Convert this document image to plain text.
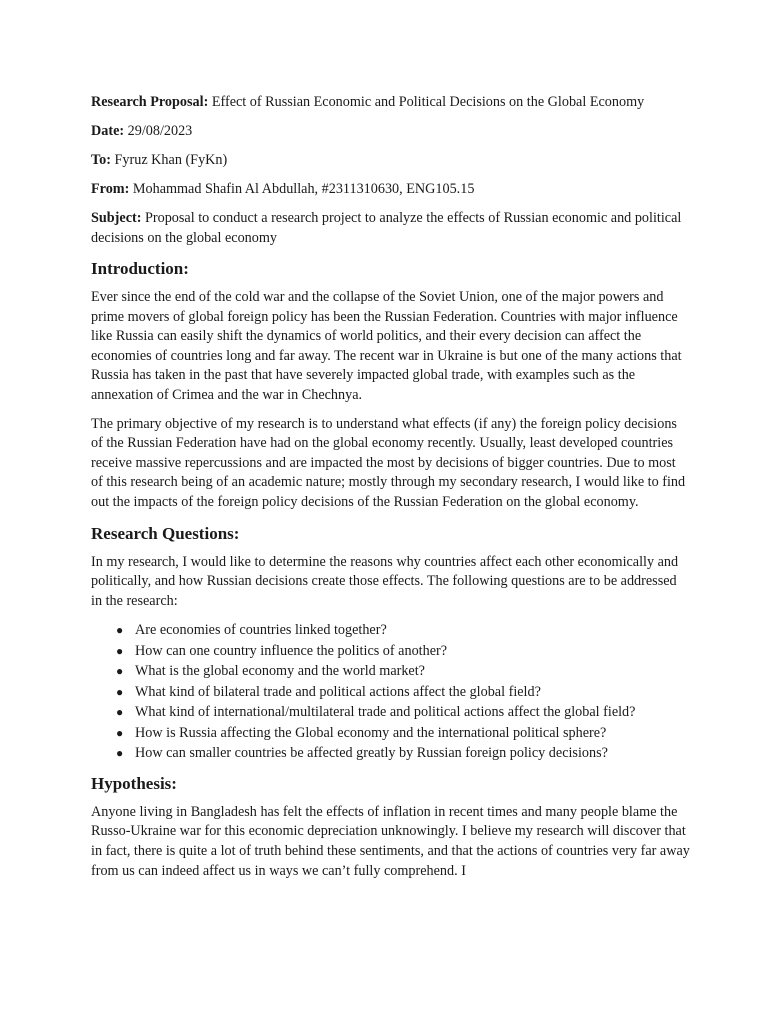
Research Proposal: Effect of Russian Economic and Political Decisions on the Global Economy
Date: 29/08/2023
To: Fyruz Khan (FyKn)
From: Mohammad Shafin Al Abdullah, #2311310630, ENG105.15
Subject: Proposal to conduct a research project to analyze the effects of Russian economic and political decisions on the global economy
Introduction:

Ever since the end of the cold war and the collapse of the Soviet Union, one of the major powers and prime movers of global foreign policy has been the Russian Federation. Countries with major influence like Russia can easily shift the dynamics of world politics, and their every decision can affect the economies of countries long and far away. The recent war in Ukraine is but one of the many actions that Russia has taken in the past that have severely impacted global trade, with examples such as the annexation of Crimea and the war in Chechnya.

The primary objective of my research is to understand what effects (if any) the foreign policy decisions of the Russian Federation have had on the global economy recently. Usually, least developed countries receive massive repercussions and are impacted the most by decisions of bigger countries. Due to most of this research being of an academic nature; mostly through my secondary research, I would like to find out the impacts of the foreign policy decisions of the Russian Federation on the global economy.

Research Questions:

In my research, I would like to determine the reasons why countries affect each other economically and politically, and how Russian decisions create those effects. The following questions are to be addressed in the research:

● Are economies of countries linked together?
● How can one country influence the politics of another?
● What is the global economy and the world market?
● What kind of bilateral trade and political actions affect the global field?
● What kind of international/multilateral trade and political actions affect the global field?
● How is Russia affecting the Global economy and the international political sphere?
● How can smaller countries be affected greatly by Russian foreign policy decisions?
Hypothesis:

Anyone living in Bangladesh has felt the effects of inflation in recent times and many people blame the Russo-Ukraine war for this economic depreciation unknowingly. I believe my research will discover that in fact, there is quite a lot of truth behind these sentiments, and that the actions of countries very far away from us can indeed affect us in ways we can’t fully comprehend. I
